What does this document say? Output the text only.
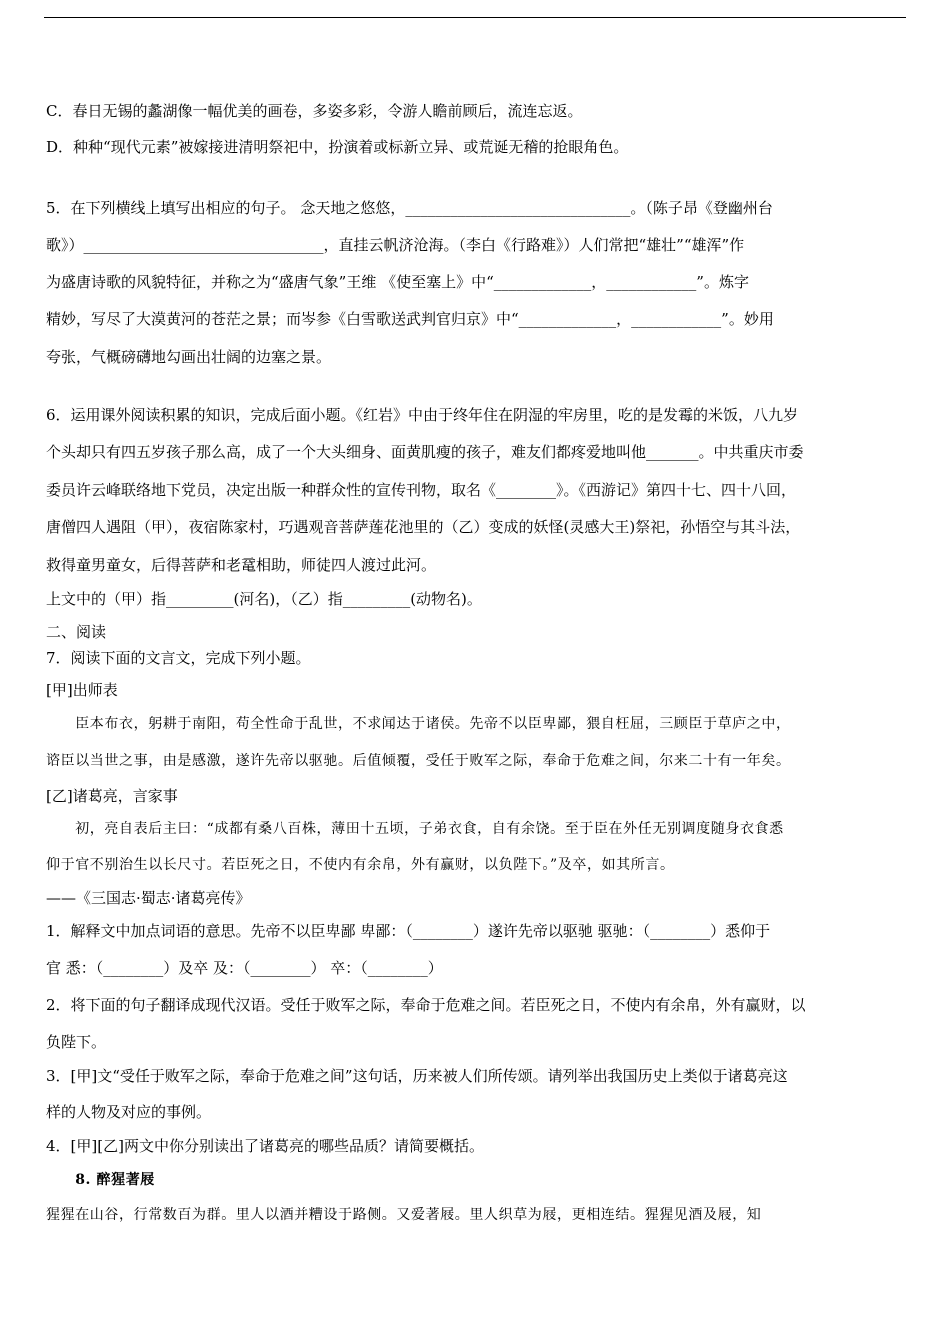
C．春日无锡的蠡湖像一幅优美的画卷，多姿多彩，令游人瞻前顾后，流连忘返。
D．种种“现代元素”被嫁接进清明祭祀中，扮演着或标新立异、或荒诞无稽的抢眼角色。
5．在下列横线上填写出相应的句子。 念天地之悠悠，______________________________。（陈子昂《登幽州台
歌》）________________________________，直挂云帆济沧海。（李白《行路难》）人们常把“雄壮”“雄浑”作
为盛唐诗歌的风貌特征，并称之为“盛唐气象”王维 《使至塞上》中“_____________，____________”。炼字
精妙，写尽了大漠黄河的苍茫之景；而岑参《白雪歌送武判官归京》中“_____________，____________”。妙用
夸张，气概磅礴地勾画出壮阔的边塞之景。
6．运用课外阅读积累的知识，完成后面小题。《红岩》中由于终年住在阴湿的牢房里，吃的是发霉的米饭，八九岁
个头却只有四五岁孩子那么高，成了一个大头细身、面黄肌瘦的孩子，难友们都疼爱地叫他_______。中共重庆市委
委员许云峰联络地下党员，决定出版一种群众性的宣传刊物，取名《________》。《西游记》第四十七、四十八回，
唐僧四人遇阻（甲），夜宿陈家村，巧遇观音菩萨莲花池里的（乙）变成的妖怪(灵感大王)祭祀，孙悟空与其斗法，
救得童男童女，后得菩萨和老鼋相助，师徒四人渡过此河。
上文中的（甲）指_________(河名)，（乙）指_________(动物名)。
二、阅读
7．阅读下面的文言文，完成下列小题。
[甲]出师表
　　臣本布衣，躬耕于南阳，苟全性命于乱世，不求闻达于诸侯。先帝不以臣卑鄙，猥自枉屈，三顾臣于草庐之中，
谘臣以当世之事，由是感激，遂许先帝以驱驰。后值倾覆，受任于败军之际，奉命于危难之间，尔来二十有一年矣。
[乙]诸葛亮，言家事
　　初，亮自表后主曰：“成都有桑八百株，薄田十五顷，子弟衣食，自有余饶。至于臣在外任无别调度随身衣食悉
仰于官不别治生以长尺寸。若臣死之日，不使内有余帛，外有赢财，以负陛下。”及卒，如其所言。
——《三国志·蜀志·诸葛亮传》
1．解释文中加点词语的意思。先帝不以臣卑鄙 卑鄙：（________）遂许先帝以驱驰 驱驰：（________）悉仰于
官 悉：（________）及卒 及：（________） 卒：（________）
2．将下面的句子翻译成现代汉语。受任于败军之际，奉命于危难之间。若臣死之日，不使内有余帛，外有赢财，以
负陛下。
3．[甲]文“受任于败军之际，奉命于危难之间”这句话，历来被人们所传颂。请列举出我国历史上类似于诸葛亮这
样的人物及对应的事例。
4．[甲][乙]两文中你分别读出了诸葛亮的哪些品质？请简要概括。
　　8. 醉猩著屐
猩猩在山谷，行常数百为群。里人以酒并糟设于路侧。又爱著屐。里人织草为屐，更相连结。猩猩见酒及屐，知
